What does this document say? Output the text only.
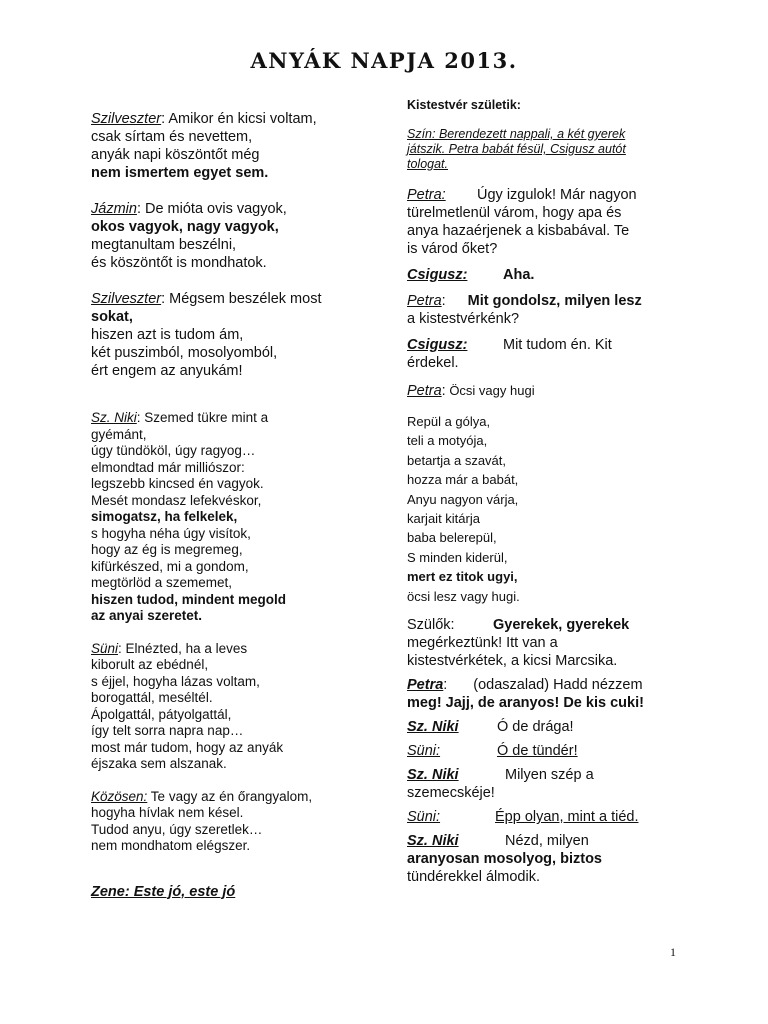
ANYÁK NAPJA 2013.
Szilveszter: Amikor én kicsi voltam,
csak sírtam és nevettem,
anyák napi köszöntőt még
nem ismertem egyet sem.
Jázmin: De mióta ovis vagyok,
okos vagyok, nagy vagyok,
megtanultam beszélni,
és köszöntőt is mondhatok.
Szilveszter: Mégsem beszélek most
sokat,
hiszen azt is tudom ám,
két puszimból, mosolyomból,
ért engem az anyukám!
Sz. Niki: Szemed tükre mint a
gyémánt,
úgy tündököl, úgy ragyog…
elmondtad már milliószor:
legszebb kincsed én vagyok.
Mesét mondasz lefekvéskor,
simogatsz, ha felkelek,
s hogyha néha úgy visítok,
hogy az ég is megremeg,
kifürkészed, mi a gondom,
megtörlöd a szememet,
hiszen tudod, mindent megold
az anyai szeretet.
Süni: Elnézted, ha a leves
kiborult az ebédnél,
s éjjel, hogyha lázas voltam,
borogattál, meséltél.
Ápolgattál, pátyolgattál,
így telt sorra napra nap…
most már tudom, hogy az anyák
éjszaka sem alszanak.
Közösen: Te vagy az én őrangyalom,
hogyha hívlak nem késel.
Tudod anyu, úgy szeretlek…
nem mondhatom elégszer.
Zene: Este jó, este jó

Kistestvér születik:

Szín: Berendezett nappali, a két gyerek
játszik. Petra babát fésül, Csigusz autót
tologat.

Petra: Úgy izgulok! Már nagyon
türelmetlenül várom, hogy apa és
anya hazaérjenek a kisbabával. Te
is várod őket?

Csigusz: Aha.

Petra: Mit gondolsz, milyen lesz
a kistestvérkénk?

Csigusz: Mit tudom én. Kit
érdekel.

Petra: Öcsi vagy hugi

Repül a gólya,
teli a motyója,
betartja a szavát,
hozza már a babát,
Anyu nagyon várja,
karjait kitárja
baba belerepül,
S minden kiderül,
mert ez titok ugyi,
öcsi lesz vagy hugi.

Szülők:	Gyerekek, gyerekek
megérkeztünk! Itt van a
kistestvérkétek, a kicsi Marcsika.

Petra: (odaszalad) Hadd nézzem
meg! Jajj, de aranyos! De kis cuki!

Sz. Niki	Ó de drága!

Süni:	Ó de tündér!

Sz. Niki	Milyen szép a
szemecskéje!

Süni:	Épp olyan, mint a tiéd.

Sz. Niki	Nézd, milyen
aranyosan mosolyog, biztos
tündérekkel álmodik.

1
